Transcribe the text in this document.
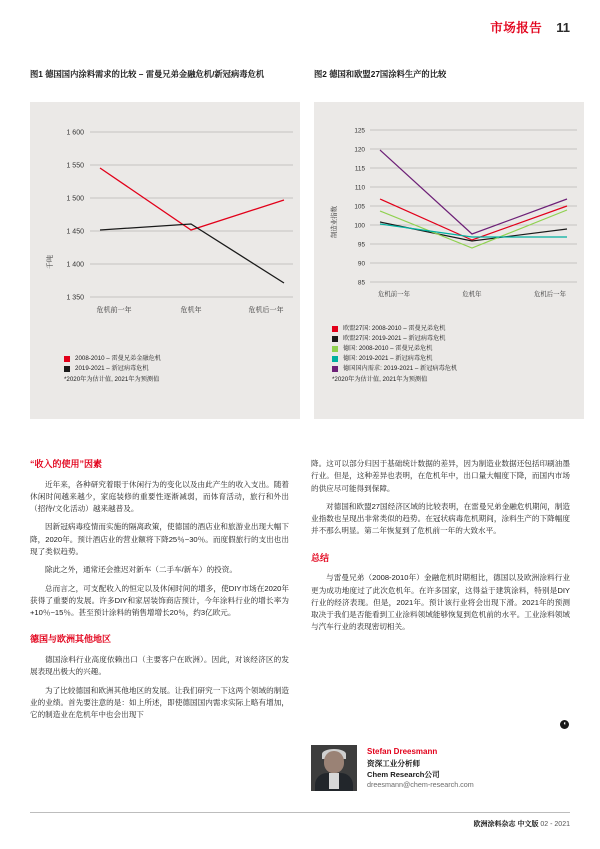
市场报告 11
图1 德国国内涂料需求的比较 – 雷曼兄弟金融危机/新冠病毒危机
千吨
1 600
1 550
1 500
1 450
1 400
1 350
危机前一年	危机年	危机后一年
2008-2010 – 雷曼兄弟金融危机
2019-2021 – 新冠病毒危机
*2020年为估计值, 2021年为预测值
图2 德国和欧盟27国涂料生产的比较
制造业指数
125
120
115
110
105
100
95
90
85
危机前一年	危机年	危机后一年
欧盟27国: 2008-2010 – 雷曼兄弟危机
欧盟27国: 2019-2021 – 新冠病毒危机
德国: 2008-2010 – 雷曼兄弟危机
德国: 2019-2021 – 新冠病毒危机
德国国内需求: 2019-2021 – 新冠病毒危机
*2020年为估计值, 2021年为预测值
“收入的使用”因素

近年来，各种研究着眼于休闲行为的变化以及由此产生的收入支出。随着休闲时间越来越少，家庭装修的重要性逐渐减弱，而体育活动，旅行和外出（招待/文化活动）越来越普及。

因新冠病毒疫情而实施的隔离政策，使德国的酒店业和旅游业出现大幅下降，2020年。预计酒店业的营业额将下降25％~30％。而度假旅行的支出也出现了类似趋势。

除此之外，通常还会推迟对新车（二手车/新车）的投资。

总而言之，可支配收入的恒定以及休闲时间的增多，使DIY市场在2020年获得了重要的发展。许多DIY和家居装饰商店预计，今年涂料行业的增长率为+10％~15％。甚至预计涂料的销售增增长20％，约3亿欧元。

德国与欧洲其他地区

德国涂料行业高度依赖出口（主要客户在欧洲）。因此，对该经济区的发展表现出极大的兴趣。

为了比较德国和欧洲其他地区的发展。让我们研究一下这两个领域的制造业的业绩。首先要注意的是：如上所述，即使德国国内需求实际上略有增加，它的制造业在危机年中也会出现下

降。这可以部分归因于基础统计数据的差异，因为制造业数据还包括印刷油墨行业。但是，这种差异也表明，在危机年中，出口量大幅度下降，而国内市场的供应尽可能得到保障。

对德国和欧盟27国经济区域的比较表明，在雷曼兄弟金融危机期间，制造业指数也呈现出非常类似的趋势。在冠状病毒危机期间，涂料生产的下降幅度并不那么明显。第二年恢复到了危机前一年的大致水平。

总结

与雷曼兄弟（2008-2010年）金融危机时期相比，德国以及欧洲涂料行业更为成功地度过了此次危机年。在许多国家，这得益于建筑涂料，特别是DIY行业的经济表现。但是，2021年。预计该行业将会出现下滑。2021年的预测取决于我们是否能看到工业涂料领域能够恢复到危机前的水平。工业涂料领域与汽车行业的表现密切相关。

◖
Stefan Dreesmann
资深工业分析师
Chem Research公司
dreesmann@chem-research.com
欧洲涂料杂志 中文版 02 - 2021
